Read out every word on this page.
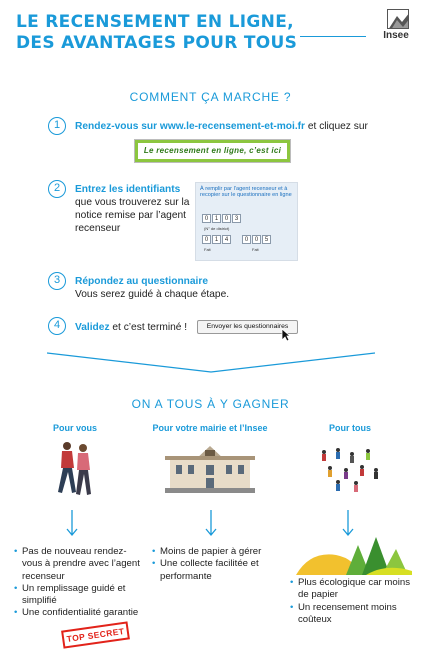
LE RECENSEMENT EN LIGNE,
DES AVANTAGES POUR TOUS	Insee
COMMENT ÇA MARCHE ?
1	Rendez-vous sur www.le-recensement-et-moi.fr et cliquez sur
Le recensement en ligne, c’est ici
2	Entrez les identifiants
que vous trouverez sur la notice remise par l’agent recenseur
À remplir par l’agent recenseur et à recopier sur le questionnaire en ligne
0	1	0	3
(N° de district)
0	1	4	0	0	5
Fait	Fait
3	Répondez au questionnaire
Vous serez guidé à chaque étape.
4	Validez et c’est terminé !	Envoyer les questionnaires
ON A TOUS À Y GAGNER
Pour vous	Pour votre mairie et l’Insee	Pour tous
• Pas de nouveau rendez-vous à prendre avec l’agent recenseur
• Un remplissage guidé et simplifié
• Une confidentialité garantie
TOP SECRET
• Moins de papier à gérer
• Une collecte facilitée et performante
• Plus écologique car moins de papier
• Un recensement moins coûteux
